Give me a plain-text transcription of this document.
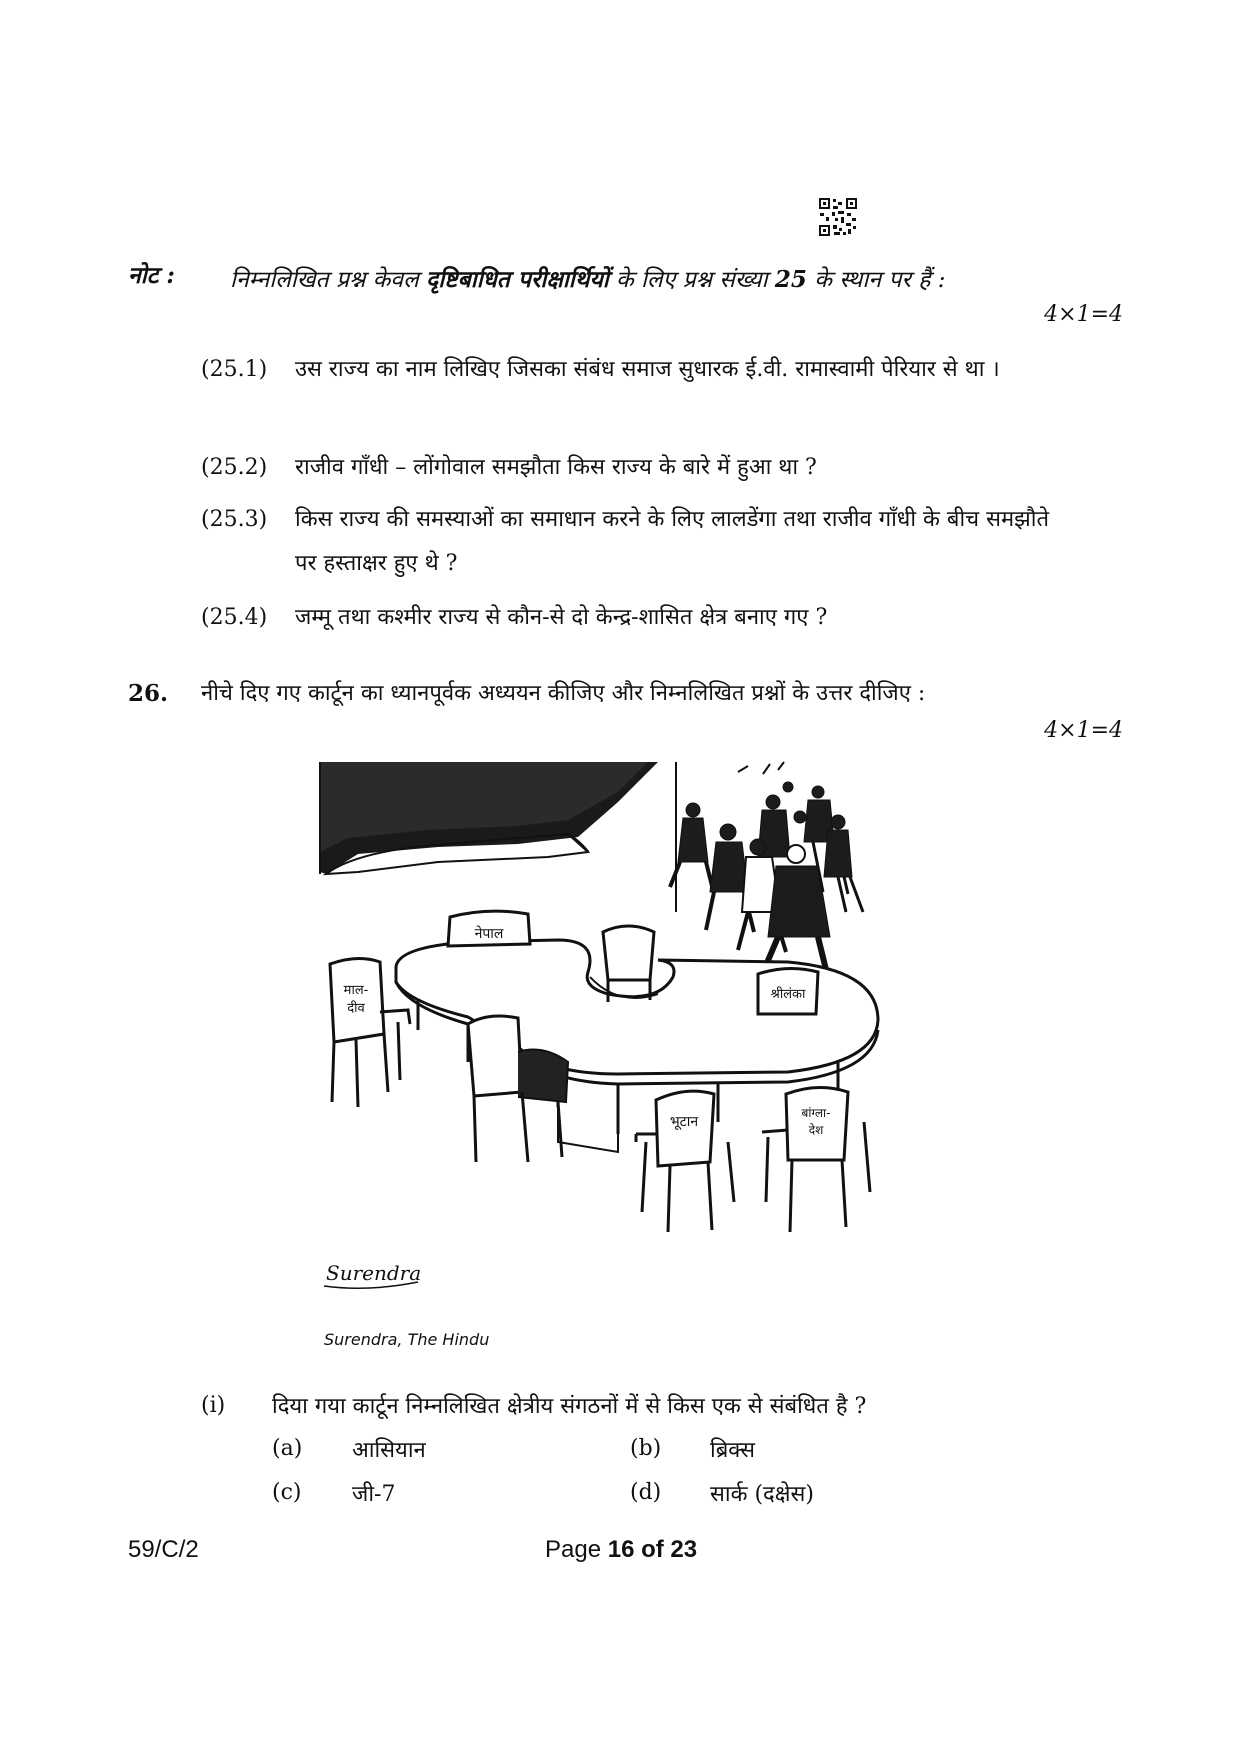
नोट : निम्नलिखित प्रश्न केवल दृष्टिबाधित परीक्षार्थियों के लिए प्रश्न संख्या 25 के स्थान पर हैं :
4×1=4
(25.1)	उस राज्य का नाम लिखिए जिसका संबंध समाज सुधारक ई.वी. रामास्वामी पेरियार से था ।
(25.2)	राजीव गाँधी – लोंगोवाल समझौता किस राज्य के बारे में हुआ था ?
(25.3)	किस राज्य की समस्याओं का समाधान करने के लिए लालडेंगा तथा राजीव गाँधी के बीच समझौते पर हस्ताक्षर हुए थे ?
(25.4)	जम्मू तथा कश्मीर राज्य से कौन-से दो केन्द्र-शासित क्षेत्र बनाए गए ?
26. नीचे दिए गए कार्टून का ध्यानपूर्वक अध्ययन कीजिए और निम्नलिखित प्रश्नों के उत्तर दीजिए :
4×1=4
नेपाल
माल-
दीव
श्रीलंका
भूटान
बांग्ला-
देश
Surendra
Surendra, The Hindu
(i) दिया गया कार्टून निम्नलिखित क्षेत्रीय संगठनों में से किस एक से संबंधित है ?
(a) आसियान	(b) ब्रिक्स
(c) जी-7	(d) सार्क (दक्षेस)
59/C/2	Page 16 of 23
